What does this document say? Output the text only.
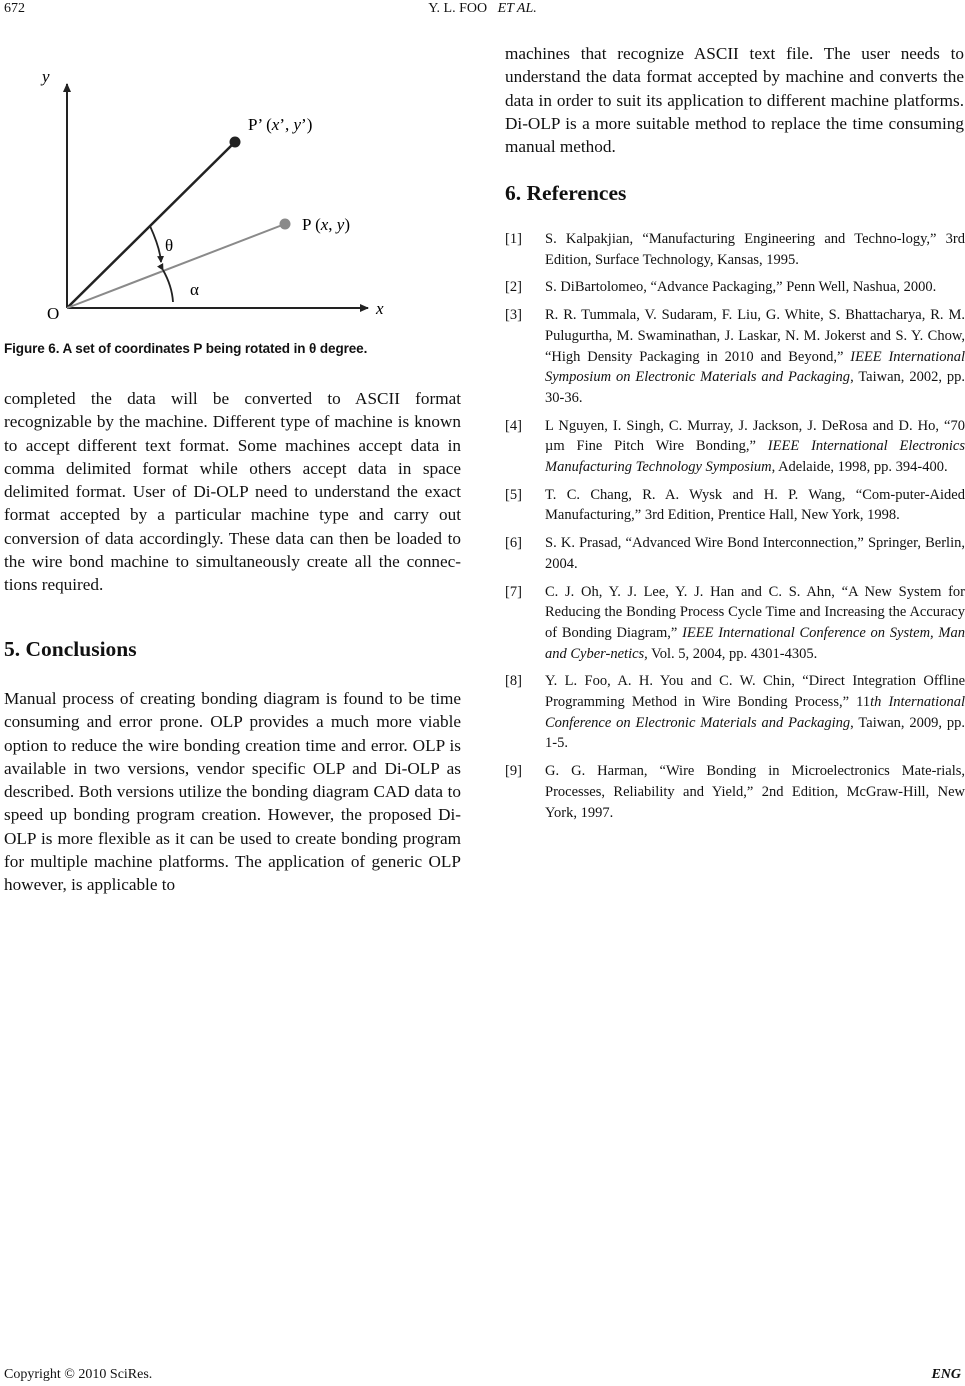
672	Y. L. FOO ET AL.
y
x
O
θ
α
P’ (x’, y’)
P (x, y)
Figure 6. A set of coordinates P being rotated in θ degree.

completed the data will be converted to ASCII format recognizable by the machine. Different type of machine is known to accept different text format. Some machines accept data in comma delimited format while others accept data in space delimited format. User of Di-OLP need to understand the exact format accepted by a particular machine type and carry out conversion of data accordingly. These data can then be loaded to the wire bond machine to simultaneously create all the connec-tions required.

5. Conclusions

Manual process of creating bonding diagram is found to be time consuming and error prone. OLP provides a much more viable option to reduce the wire bonding creation time and error. OLP is available in two versions, vendor specific OLP and Di-OLP as described. Both versions utilize the bonding diagram CAD data to speed up bonding program creation. However, the proposed Di-OLP is more flexible as it can be used to create bonding program for multiple machine platforms. The application of generic OLP however, is applicable to

machines that recognize ASCII text file. The user needs to understand the data format accepted by machine and converts the data in order to suit its application to different machine platforms. Di-OLP is a more suitable method to replace the time consuming manual method.

6. References
[1] S. Kalpakjian, “Manufacturing Engineering and Techno-logy,” 3rd Edition, Surface Technology, Kansas, 1995.
[2] S. DiBartolomeo, “Advance Packaging,” Penn Well, Nashua, 2000.
[3] R. R. Tummala, V. Sudaram, F. Liu, G. White, S. Bhattacharya, R. M. Pulugurtha, M. Swaminathan, J. Laskar, N. M. Jokerst and S. Y. Chow, “High Density Packaging in 2010 and Beyond,” IEEE International Symposium on Electronic Materials and Packaging, Taiwan, 2002, pp. 30-36.
[4] L Nguyen, I. Singh, C. Murray, J. Jackson, J. DeRosa and D. Ho, “70 µm Fine Pitch Wire Bonding,” IEEE International Electronics Manufacturing Technology Symposium, Adelaide, 1998, pp. 394-400.
[5] T. C. Chang, R. A. Wysk and H. P. Wang, “Com-puter-Aided Manufacturing,” 3rd Edition, Prentice Hall, New York, 1998.
[6] S. K. Prasad, “Advanced Wire Bond Interconnection,” Springer, Berlin, 2004.
[7] C. J. Oh, Y. J. Lee, Y. J. Han and C. S. Ahn, “A New System for Reducing the Bonding Process Cycle Time and Increasing the Accuracy of Bonding Diagram,” IEEE International Conference on System, Man and Cyber-netics, Vol. 5, 2004, pp. 4301-4305.
[8] Y. L. Foo, A. H. You and C. W. Chin, “Direct Integration Offline Programming Method in Wire Bonding Process,” 11th International Conference on Electronic Materials and Packaging, Taiwan, 2009, pp. 1-5.
[9] G. G. Harman, “Wire Bonding in Microelectronics Mate-rials, Processes, Reliability and Yield,” 2nd Edition, McGraw-Hill, New York, 1997.
Copyright © 2010 SciRes.	ENG
